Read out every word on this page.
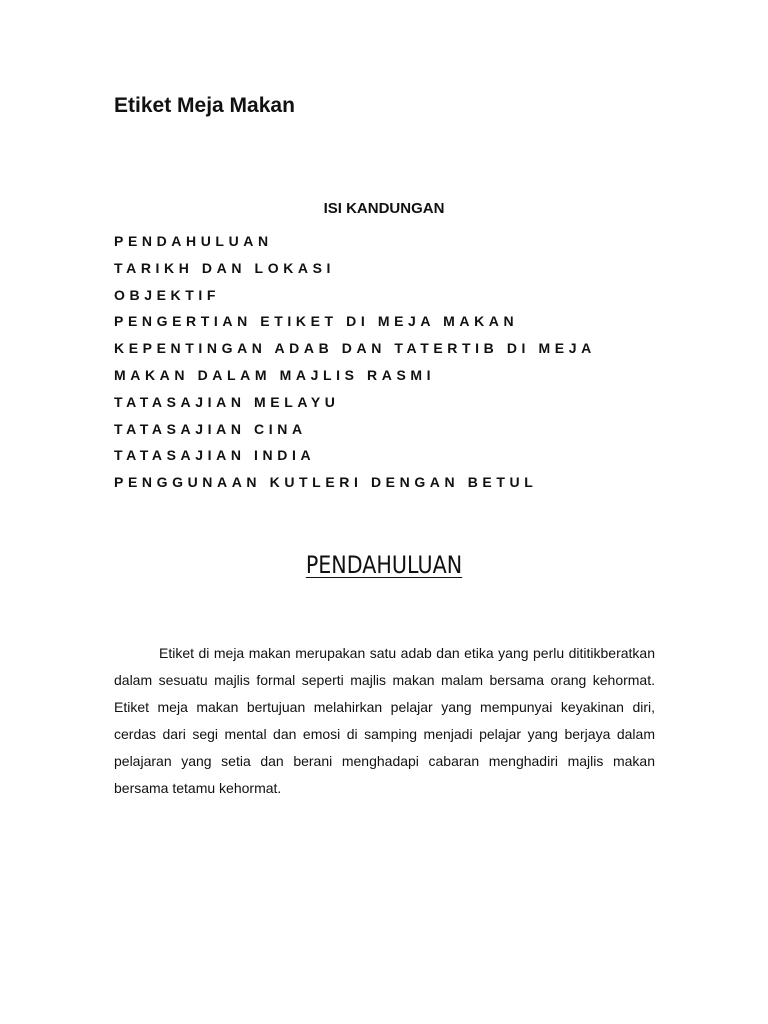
Etiket Meja Makan
ISI KANDUNGAN
PENDAHULUAN
TARIKH DAN LOKASI
OBJEKTIF
PENGERTIAN ETIKET DI MEJA MAKAN
KEPENTINGAN ADAB DAN TATERTIB DI MEJA
MAKAN DALAM MAJLIS RASMI
TATASAJIAN MELAYU
TATASAJIAN CINA
TATASAJIAN INDIA
PENGGUNAAN KUTLERI DENGAN BETUL
PENDAHULUAN

Etiket di meja makan merupakan satu adab dan etika yang perlu dititikberatkan dalam sesuatu majlis formal seperti majlis makan malam bersama orang kehormat. Etiket meja makan bertujuan melahirkan pelajar yang mempunyai keyakinan diri, cerdas dari segi mental dan emosi di samping menjadi pelajar yang berjaya dalam pelajaran yang setia dan berani menghadapi cabaran menghadiri majlis makan bersama tetamu kehormat.
